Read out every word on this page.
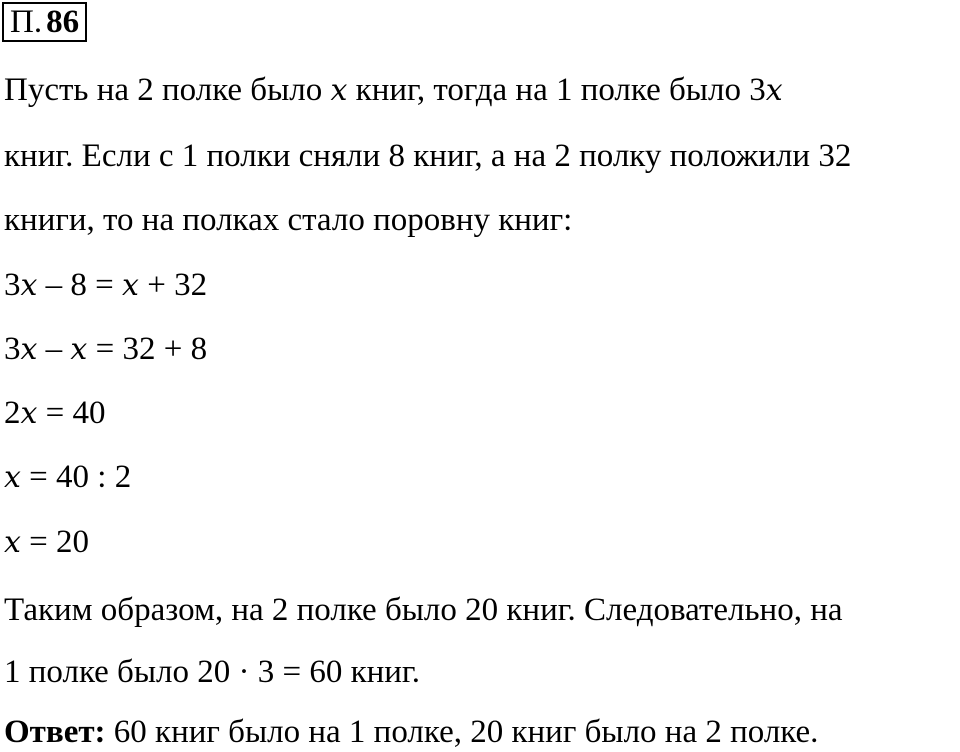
П. 86
Пусть на 2 полке было x книг, тогда на 1 полке было 3x
книг. Если с 1 полки сняли 8 книг, а на 2 полку положили 32
книги, то на полках стало поровну книг:
3x – 8 = x + 32
3x – x = 32 + 8
2x = 40
x = 40 : 2
x = 20
Таким образом, на 2 полке было 20 книг. Следовательно, на
1 полке было 20 · 3 = 60 книг.
Ответ: 60 книг было на 1 полке, 20 книг было на 2 полке.
